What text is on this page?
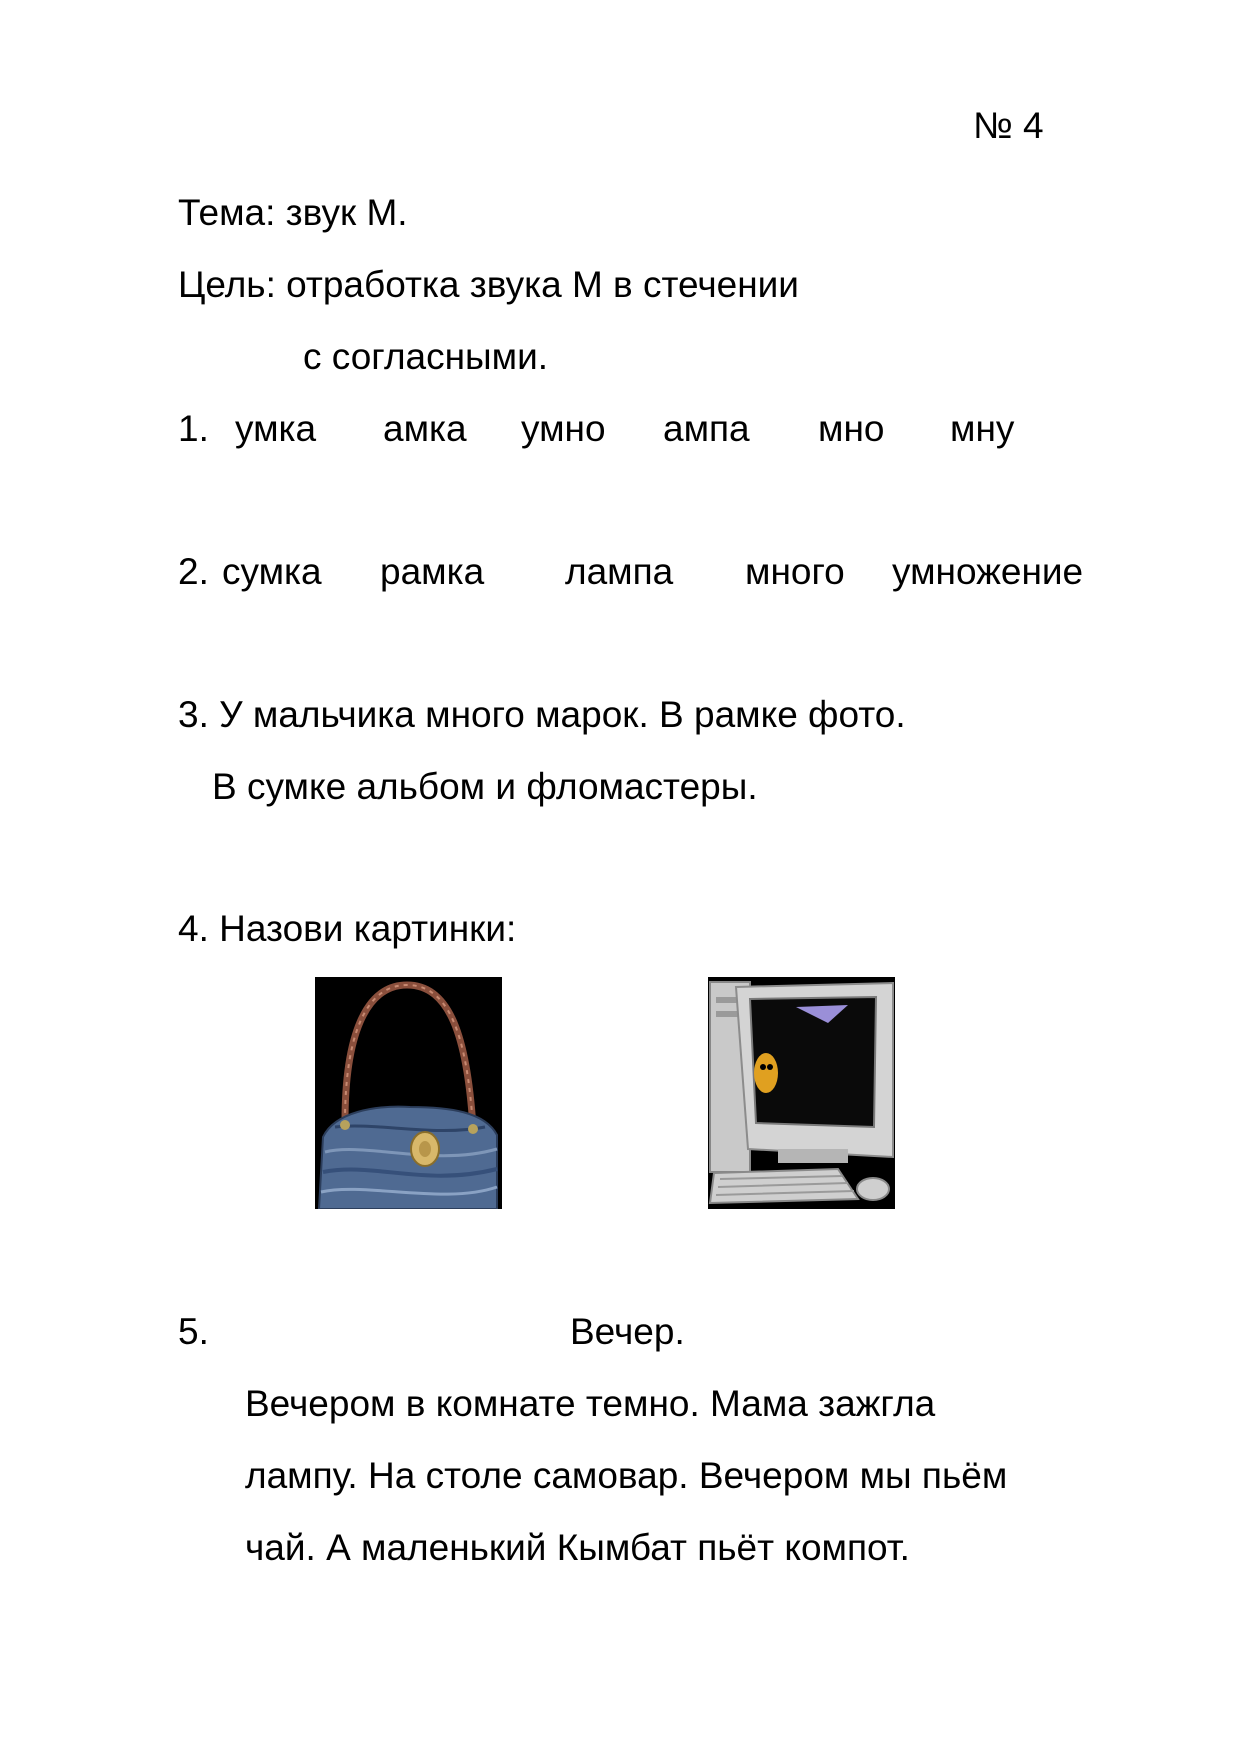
№ 4
Тема: звук М.
Цель: отработка звука М в стечении
с согласными.
1. умка амка умно ампа мно мну
2. сумка рамка лампа много умножение
3. У мальчика много марок. В рамке фото.
В сумке альбом и фломастеры.
4. Назови картинки:
5.	Вечер.
Вечером в комнате темно. Мама зажгла
лампу. На столе самовар. Вечером мы пьём
чай. А маленький Кымбат пьёт компот.
